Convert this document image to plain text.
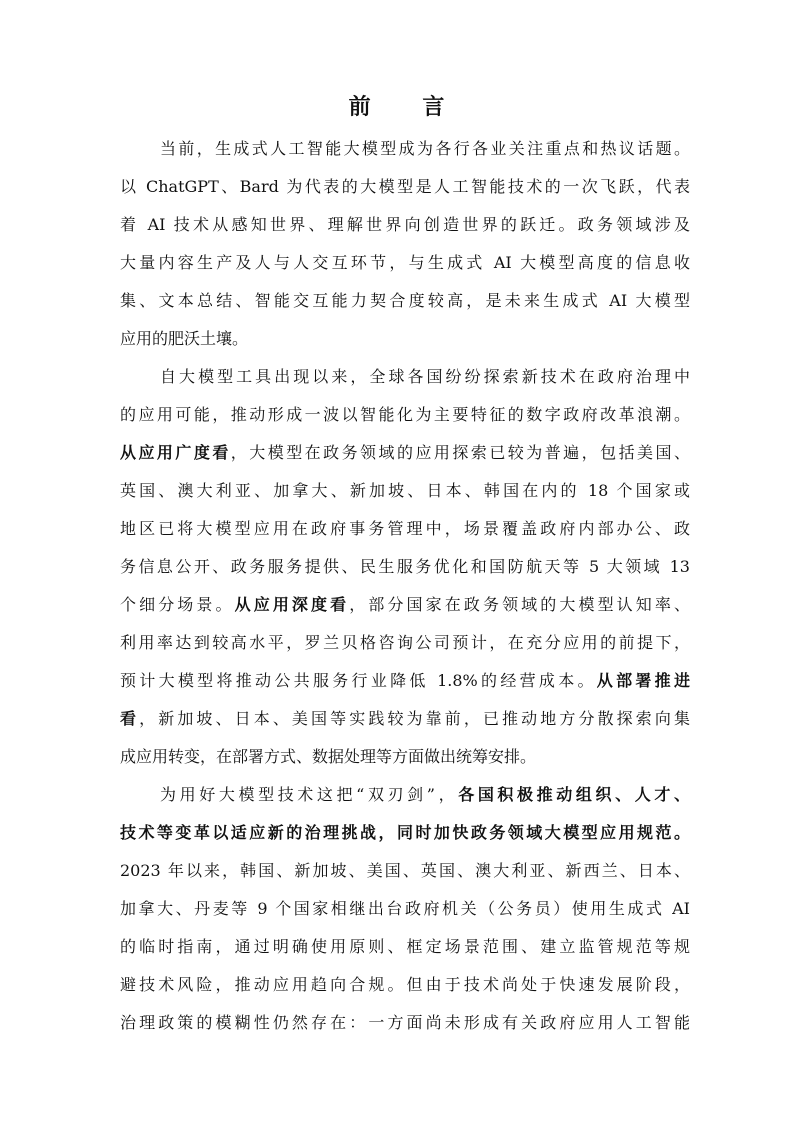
前 言

当前，生成式人工智能大模型成为各行各业关注重点和热议话题。

以 ChatGPT、Bard 为代表的大模型是人工智能技术的一次飞跃，代表

着 AI 技术从感知世界、理解世界向创造世界的跃迁。政务领域涉及

大量内容生产及人与人交互环节，与生成式 AI 大模型高度的信息收

集、文本总结、智能交互能力契合度较高，是未来生成式 AI 大模型

应用的肥沃土壤。

自大模型工具出现以来，全球各国纷纷探索新技术在政府治理中

的应用可能，推动形成一波以智能化为主要特征的数字政府改革浪潮。

从应用广度看，大模型在政务领域的应用探索已较为普遍，包括美国、

英国、澳大利亚、加拿大、新加坡、日本、韩国在内的 18 个国家或

地区已将大模型应用在政府事务管理中，场景覆盖政府内部办公、政

务信息公开、政务服务提供、民生服务优化和国防航天等 5 大领域 13

个细分场景。从应用深度看，部分国家在政务领域的大模型认知率、

利用率达到较高水平，罗兰贝格咨询公司预计，在充分应用的前提下，

预计大模型将推动公共服务行业降低 1.8%的经营成本。从部署推进

看，新加坡、日本、美国等实践较为靠前，已推动地方分散探索向集

成应用转变，在部署方式、数据处理等方面做出统筹安排。

为用好大模型技术这把“双刃剑”，各国积极推动组织、人才、

技术等变革以适应新的治理挑战，同时加快政务领域大模型应用规范。

2023 年以来，韩国、新加坡、美国、英国、澳大利亚、新西兰、日本、

加拿大、丹麦等 9 个国家相继出台政府机关（公务员）使用生成式 AI

的临时指南，通过明确使用原则、框定场景范围、建立监管规范等规

避技术风险，推动应用趋向合规。但由于技术尚处于快速发展阶段，

治理政策的模糊性仍然存在：一方面尚未形成有关政府应用人工智能
